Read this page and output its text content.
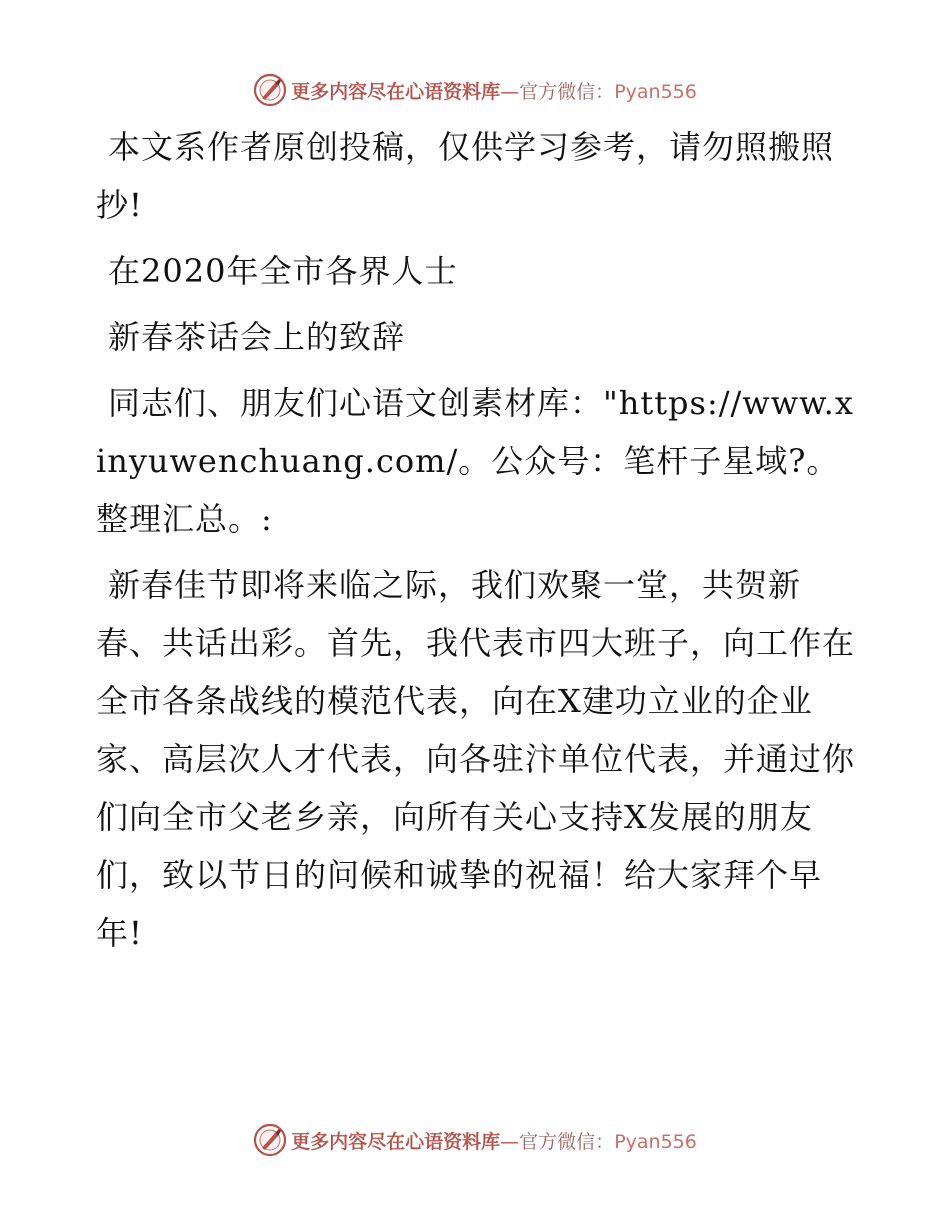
更多内容尽在心语资料库—官方微信：Pyan556

本文系作者原创投稿，仅供学习参考，请勿照搬照抄!

在2020年全市各界人士

新春茶话会上的致辞

同志们、朋友们心语文创素材库："https://www.xinyuwenchuang.com/。公众号：笔杆子星域?。整理汇总。:

新春佳节即将来临之际，我们欢聚一堂，共贺新春、共话出彩。首先，我代表市四大班子，向工作在全市各条战线的模范代表，向在X建功立业的企业家、高层次人才代表，向各驻汴单位代表，并通过你们向全市父老乡亲，向所有关心支持X发展的朋友们，致以节日的问候和诚挚的祝福！给大家拜个早年!

更多内容尽在心语资料库—官方微信：Pyan556
